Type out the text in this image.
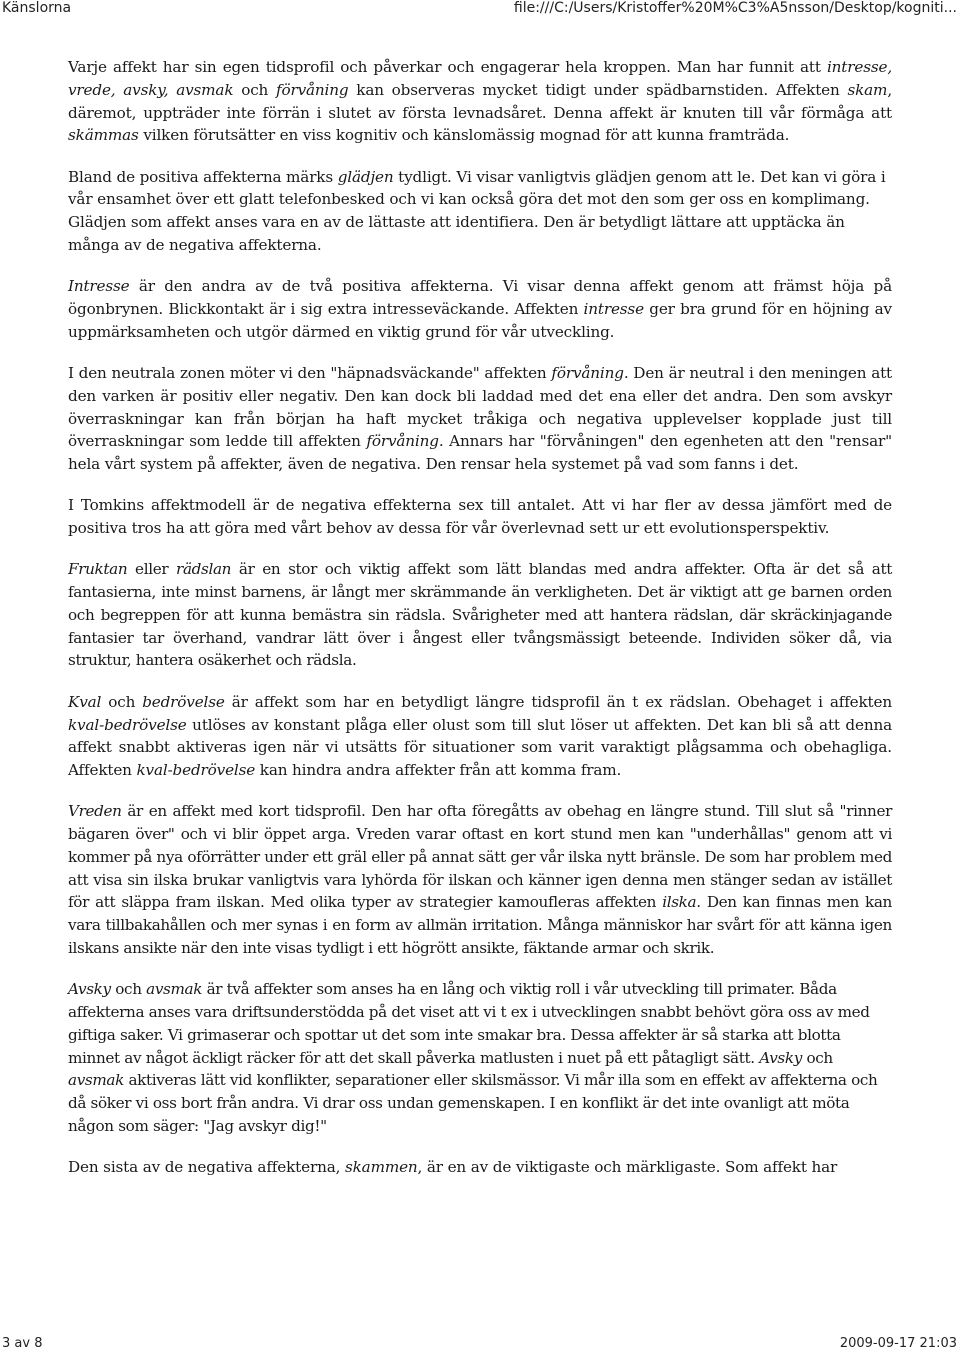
Känslorna	file:///C:/Users/Kristoffer%20M%C3%A5nsson/Desktop/kogniti...

Varje affekt har sin egen tidsprofil och påverkar och engagerar hela kroppen. Man har funnit att intresse, vrede, avsky, avsmak och förvåning kan observeras mycket tidigt under spädbarnstiden. Affekten skam, däremot, uppträder inte förrän i slutet av första levnadsåret. Denna affekt är knuten till vår förmåga att skämmas vilken förutsätter en viss kognitiv och känslomässig mognad för att kunna framträda.

Bland de positiva affekterna märks glädjen tydligt. Vi visar vanligtvis glädjen genom att le. Det kan vi göra i vår ensamhet över ett glatt telefonbesked och vi kan också göra det mot den som ger oss en komplimang. Glädjen som affekt anses vara en av de lättaste att identifiera. Den är betydligt lättare att upptäcka än många av de negativa affekterna.

Intresse är den andra av de två positiva affekterna. Vi visar denna affekt genom att främst höja på ögonbrynen. Blickkontakt är i sig extra intresseväckande. Affekten intresse ger bra grund för en höjning av uppmärksamheten och utgör därmed en viktig grund för vår utveckling.

I den neutrala zonen möter vi den "häpnadsväckande" affekten förvåning. Den är neutral i den meningen att den varken är positiv eller negativ. Den kan dock bli laddad med det ena eller det andra. Den som avskyr överraskningar kan från början ha haft mycket tråkiga och negativa upplevelser kopplade just till överraskningar som ledde till affekten förvåning. Annars har "förvåningen" den egenheten att den "rensar" hela vårt system på affekter, även de negativa. Den rensar hela systemet på vad som fanns i det.

I Tomkins affektmodell är de negativa effekterna sex till antalet. Att vi har fler av dessa jämfört med de positiva tros ha att göra med vårt behov av dessa för vår överlevnad sett ur ett evolutionsperspektiv.

Fruktan eller rädslan är en stor och viktig affekt som lätt blandas med andra affekter. Ofta är det så att fantasierna, inte minst barnens, är långt mer skrämmande än verkligheten. Det är viktigt att ge barnen orden och begreppen för att kunna bemästra sin rädsla. Svårigheter med att hantera rädslan, där skräckinjagande fantasier tar överhand, vandrar lätt över i ångest eller tvångsmässigt beteende. Individen söker då, via struktur, hantera osäkerhet och rädsla.

Kval och bedrövelse är affekt som har en betydligt längre tidsprofil än t ex rädslan. Obehaget i affekten kval-bedrövelse utlöses av konstant plåga eller olust som till slut löser ut affekten. Det kan bli så att denna affekt snabbt aktiveras igen när vi utsätts för situationer som varit varaktigt plågsamma och obehagliga. Affekten kval-bedrövelse kan hindra andra affekter från att komma fram.

Vreden är en affekt med kort tidsprofil. Den har ofta föregåtts av obehag en längre stund. Till slut så "rinner bägaren över" och vi blir öppet arga. Vreden varar oftast en kort stund men kan "underhållas" genom att vi kommer på nya oförrätter under ett gräl eller på annat sätt ger vår ilska nytt bränsle. De som har problem med att visa sin ilska brukar vanligtvis vara lyhörda för ilskan och känner igen denna men stänger sedan av istället för att släppa fram ilskan. Med olika typer av strategier kamoufleras affekten ilska. Den kan finnas men kan vara tillbakahållen och mer synas i en form av allmän irritation. Många människor har svårt för att känna igen ilskans ansikte när den inte visas tydligt i ett högrött ansikte, fäktande armar och skrik.

Avsky och avsmak är två affekter som anses ha en lång och viktig roll i vår utveckling till primater. Båda affekterna anses vara driftsunderstödda på det viset att vi t ex i utvecklingen snabbt behövt göra oss av med giftiga saker. Vi grimaserar och spottar ut det som inte smakar bra. Dessa affekter är så starka att blotta minnet av något äckligt räcker för att det skall påverka matlusten i nuet på ett påtagligt sätt. Avsky och avsmak aktiveras lätt vid konflikter, separationer eller skilsmässor. Vi mår illa som en effekt av affekterna och då söker vi oss bort från andra. Vi drar oss undan gemenskapen. I en konflikt är det inte ovanligt att möta någon som säger: "Jag avskyr dig!"

Den sista av de negativa affekterna, skammen, är en av de viktigaste och märkligaste. Som affekt har

3 av 8	2009-09-17 21:03
